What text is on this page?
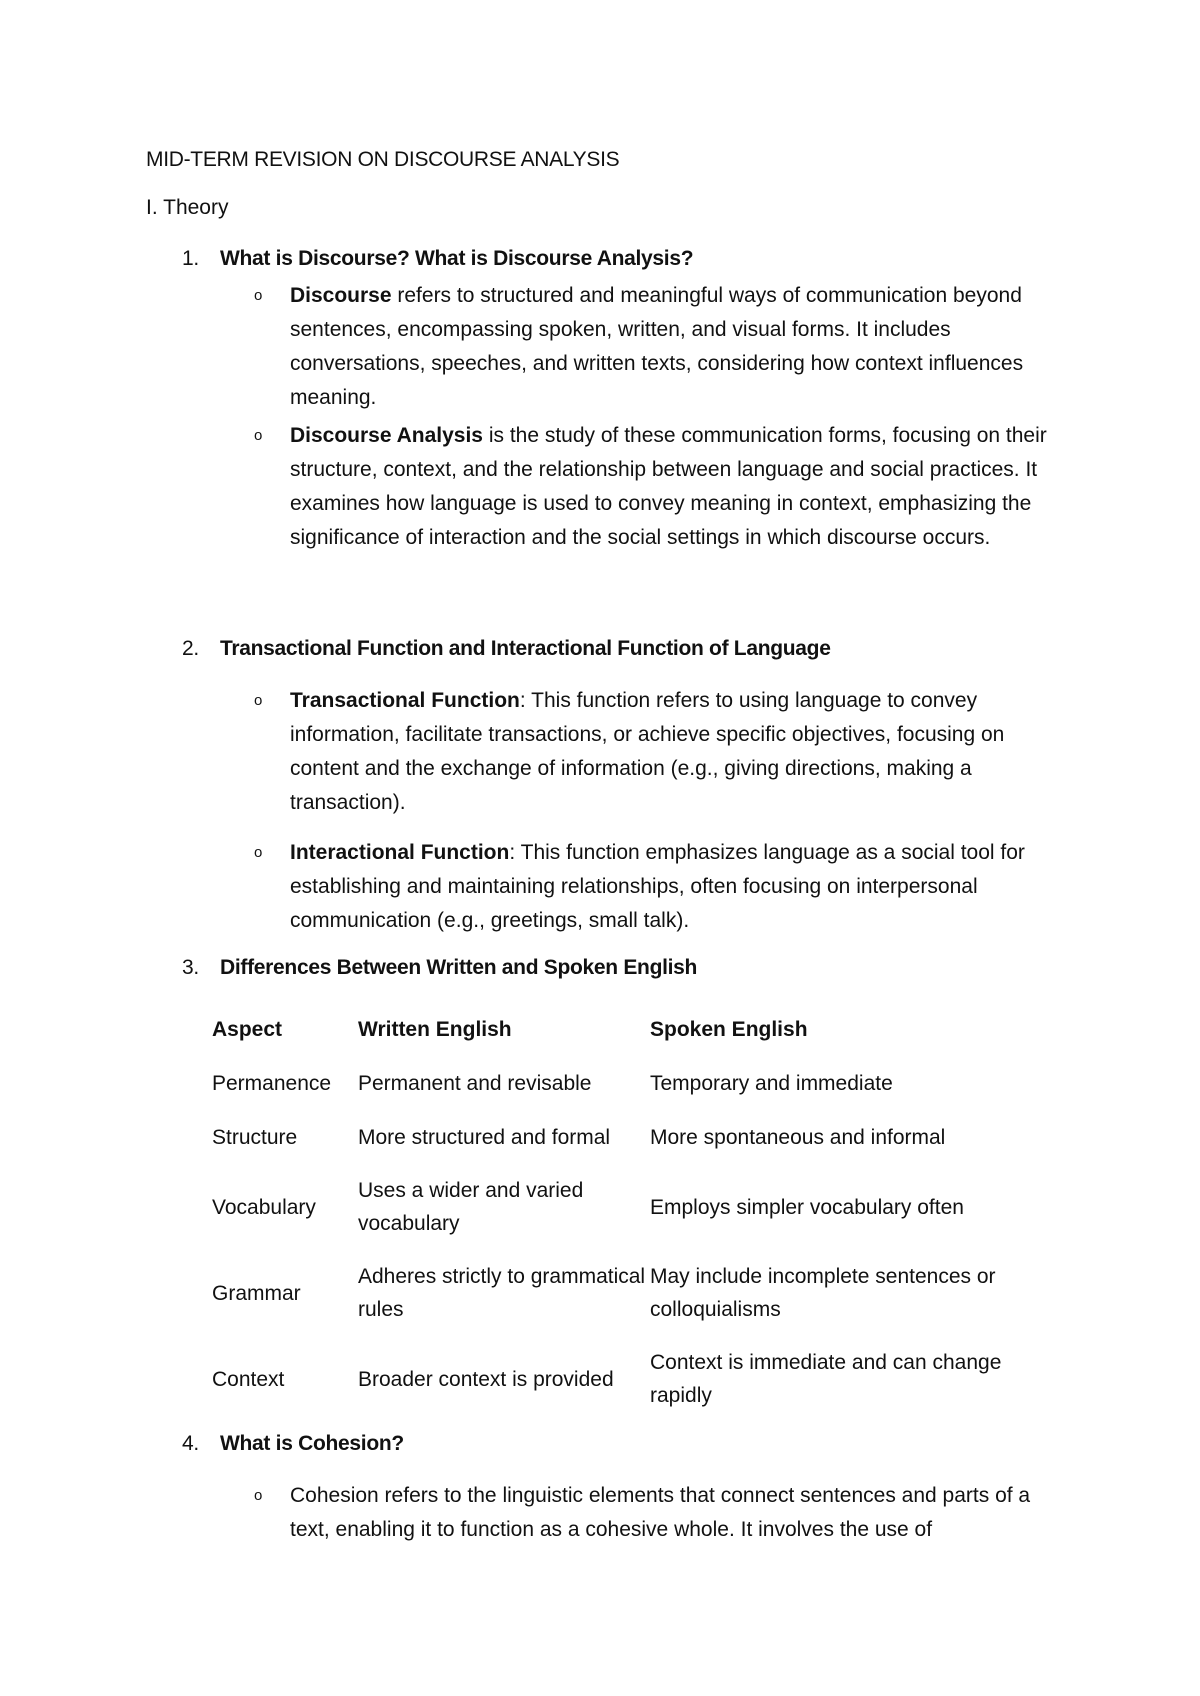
MID-TERM REVISION ON DISCOURSE ANALYSIS
I. Theory
1. What is Discourse? What is Discourse Analysis?
o Discourse refers to structured and meaningful ways of communication beyond sentences, encompassing spoken, written, and visual forms. It includes conversations, speeches, and written texts, considering how context influences meaning.
o Discourse Analysis is the study of these communication forms, focusing on their structure, context, and the relationship between language and social practices. It examines how language is used to convey meaning in context, emphasizing the significance of interaction and the social settings in which discourse occurs.
2. Transactional Function and Interactional Function of Language
o Transactional Function: This function refers to using language to convey information, facilitate transactions, or achieve specific objectives, focusing on content and the exchange of information (e.g., giving directions, making a transaction).
o Interactional Function: This function emphasizes language as a social tool for establishing and maintaining relationships, often focusing on interpersonal communication (e.g., greetings, small talk).
3. Differences Between Written and Spoken English
Aspect	Written English	Spoken English
Permanence	Permanent and revisable	Temporary and immediate
Structure	More structured and formal	More spontaneous and informal
Vocabulary	Uses a wider and varied vocabulary	Employs simpler vocabulary often
Grammar	Adheres strictly to grammatical rules	May include incomplete sentences or colloquialisms
Context	Broader context is provided	Context is immediate and can change rapidly
4. What is Cohesion?
o Cohesion refers to the linguistic elements that connect sentences and parts of a text, enabling it to function as a cohesive whole. It involves the use of
